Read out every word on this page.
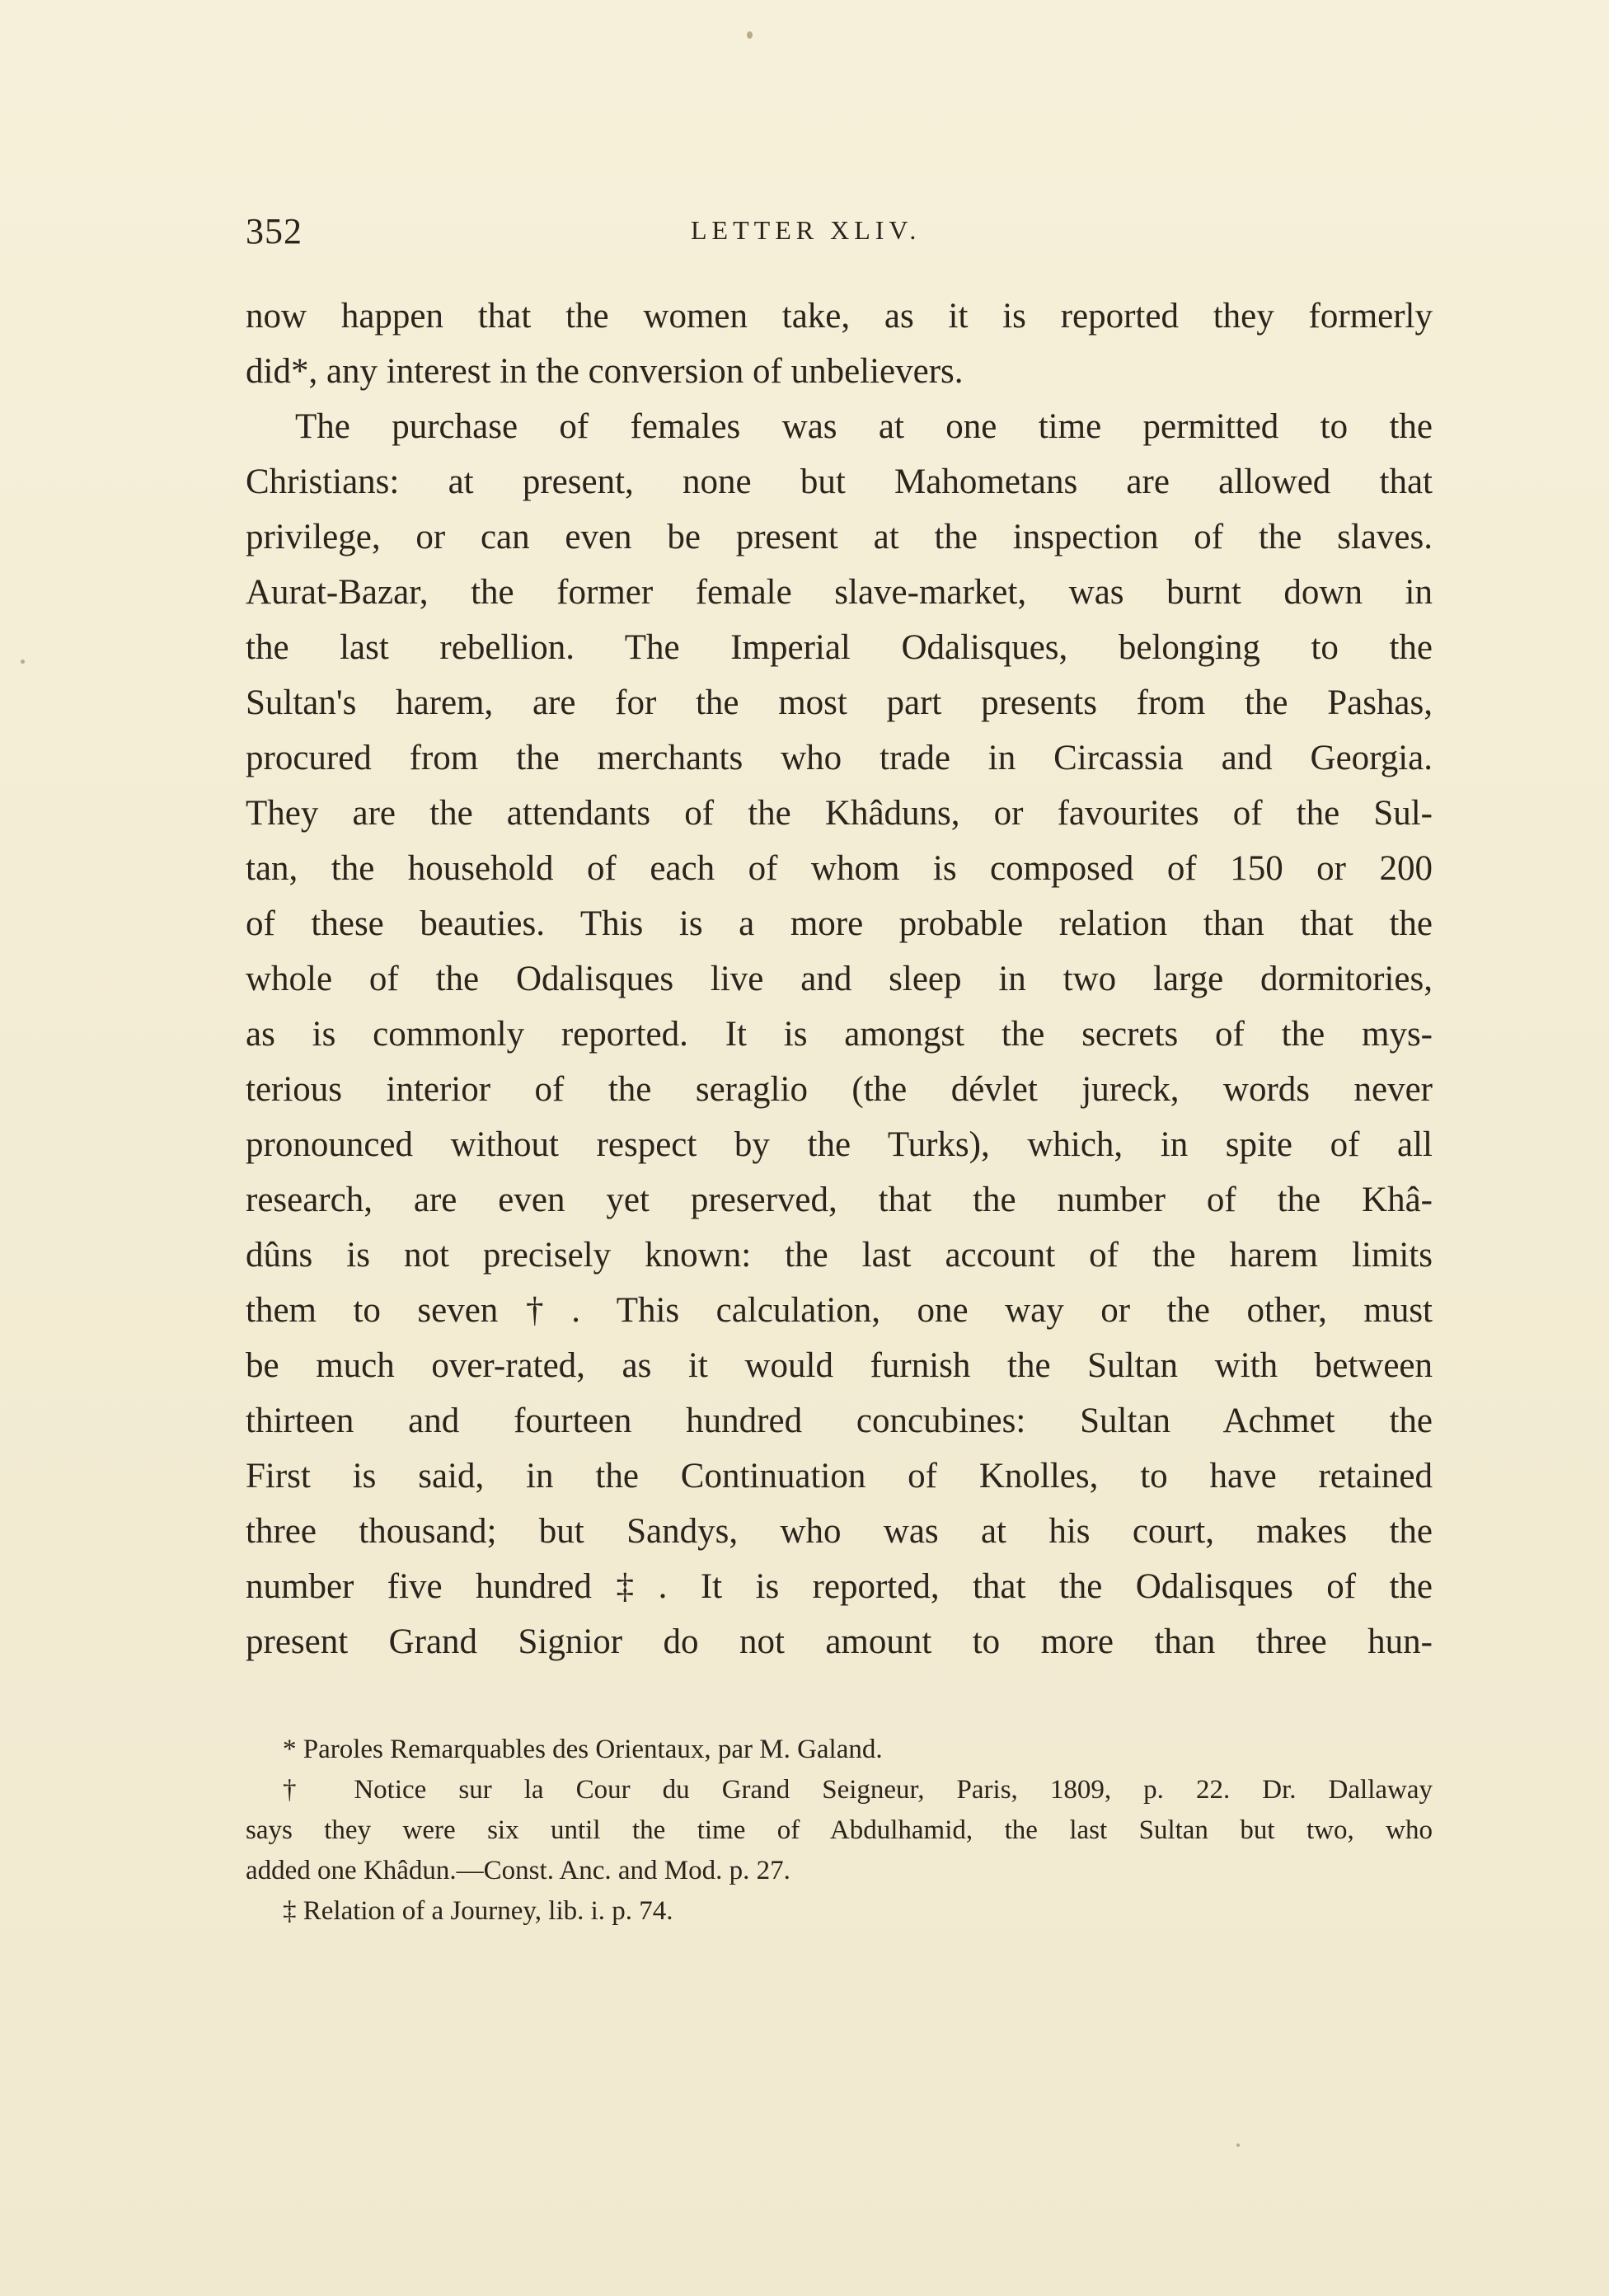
352	LETTER XLIV.
now happen that the women take, as it is reported they formerly
did*, any interest in the conversion of unbelievers.
The purchase of females was at one time permitted to the
Christians: at present, none but Mahometans are allowed that
privilege, or can even be present at the inspection of the slaves.
Aurat-Bazar, the former female slave-market, was burnt down in
the last rebellion. The Imperial Odalisques, belonging to the
Sultan's harem, are for the most part presents from the Pashas,
procured from the merchants who trade in Circassia and Georgia.
They are the attendants of the Khâduns, or favourites of the Sul-
tan, the household of each of whom is composed of 150 or 200
of these beauties. This is a more probable relation than that the
whole of the Odalisques live and sleep in two large dormitories,
as is commonly reported. It is amongst the secrets of the mys-
terious interior of the seraglio (the dévlet jureck, words never
pronounced without respect by the Turks), which, in spite of all
research, are even yet preserved, that the number of the Khâ-
dûns is not precisely known: the last account of the harem limits
them to seven†. This calculation, one way or the other, must
be much over-rated, as it would furnish the Sultan with between
thirteen and fourteen hundred concubines: Sultan Achmet the
First is said, in the Continuation of Knolles, to have retained
three thousand; but Sandys, who was at his court, makes the
number five hundred‡. It is reported, that the Odalisques of the
present Grand Signior do not amount to more than three hun-
* Paroles Remarquables des Orientaux, par M. Galand.
† Notice sur la Cour du Grand Seigneur, Paris, 1809, p. 22. Dr. Dallaway
says they were six until the time of Abdulhamid, the last Sultan but two, who
added one Khâdun.—Const. Anc. and Mod. p. 27.
‡ Relation of a Journey, lib. i. p. 74.
